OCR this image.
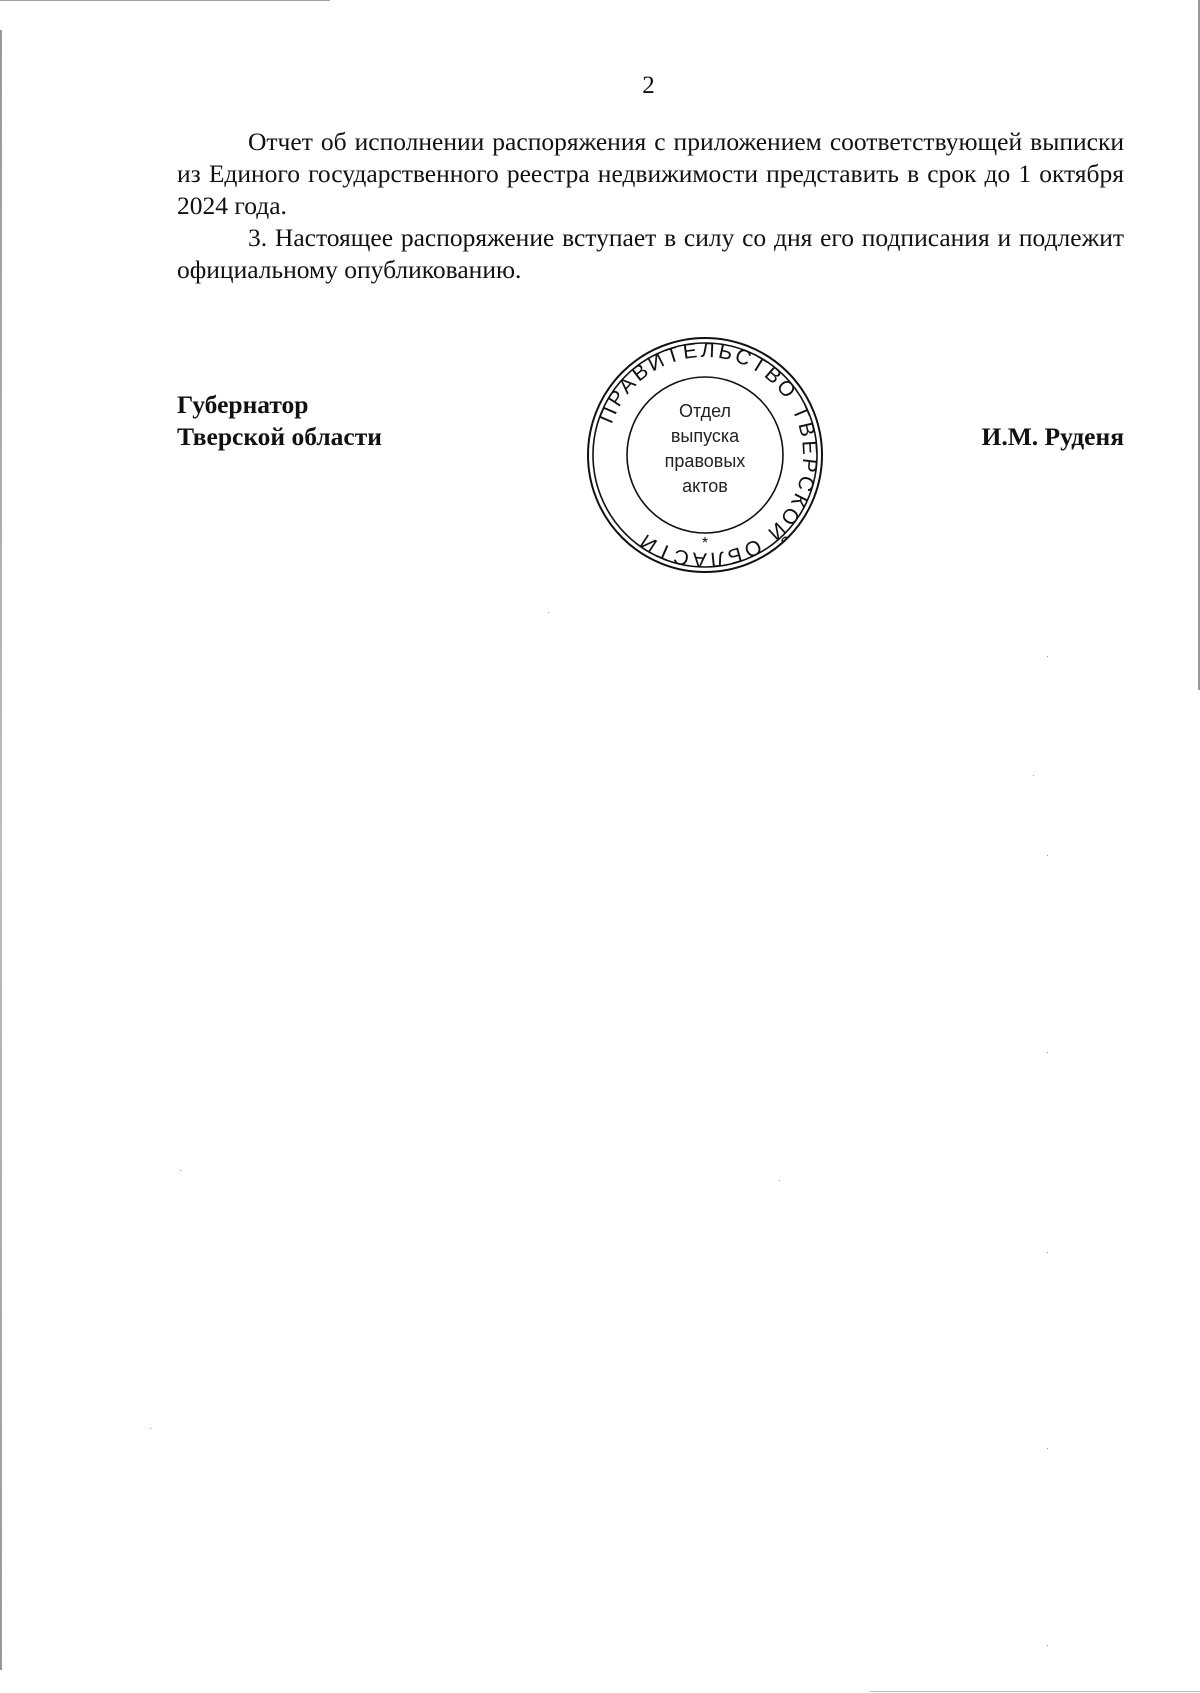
2

Отчет об исполнении распоряжения с приложением соответствующей выписки из Единого государственного реестра недвижимости представить в срок до 1 октября 2024 года.

3. Настоящее распоряжение вступает в силу со дня его подписания и подлежит официальному опубликованию.

Губернатор
Тверской области	И.М. Руденя
ПРАВИТЕЛЬСТВО ТВЕРСКОЙ ОБЛАСТИ	*
Отдел
выпуска
правовых
актов
